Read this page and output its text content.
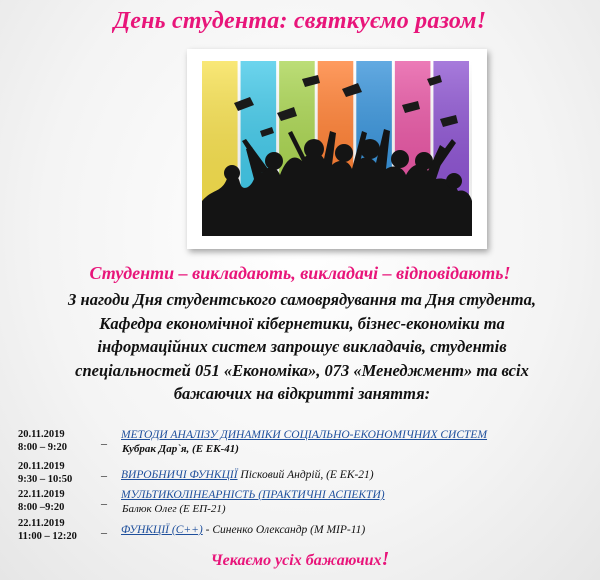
День студента: святкуємо разом!
Студенти – викладають, викладачі – відповідають!
З нагоди Дня студентського самоврядування та Дня студента,
Кафедра економічної кібернетики, бізнес-економіки та
інформаційних систем запрошує викладачів, студентів
спеціальностей 051 «Економіка», 073 «Менеджмент» та всіх
бажаючих на відкритті заняття:
20.11.2019
8:00 – 9:20	–
МЕТОДИ АНАЛІЗУ ДИНАМІКИ СОЦІАЛЬНО-ЕКОНОМІЧНИХ СИСТЕМ
Кубрак Дар`я, (Е ЕК-41)
20.11.2019
9:30 – 10:50 – ВИРОБНИЧІ ФУНКЦІЇ Пісковий Андрій, (Е ЕК-21)
22.11.2019
8:00 –9:20	–
МУЛЬТИКОЛІНЕАРНІСТЬ (ПРАКТИЧНІ АСПЕКТИ)
Балюк Олег (Е ЕП-21)
22.11.2019
11:00 – 12:20 – ФУНКЦІЇ (С++) - Синенко Олександр (М МІР-11)
Чекаємо усіх бажаючих!
